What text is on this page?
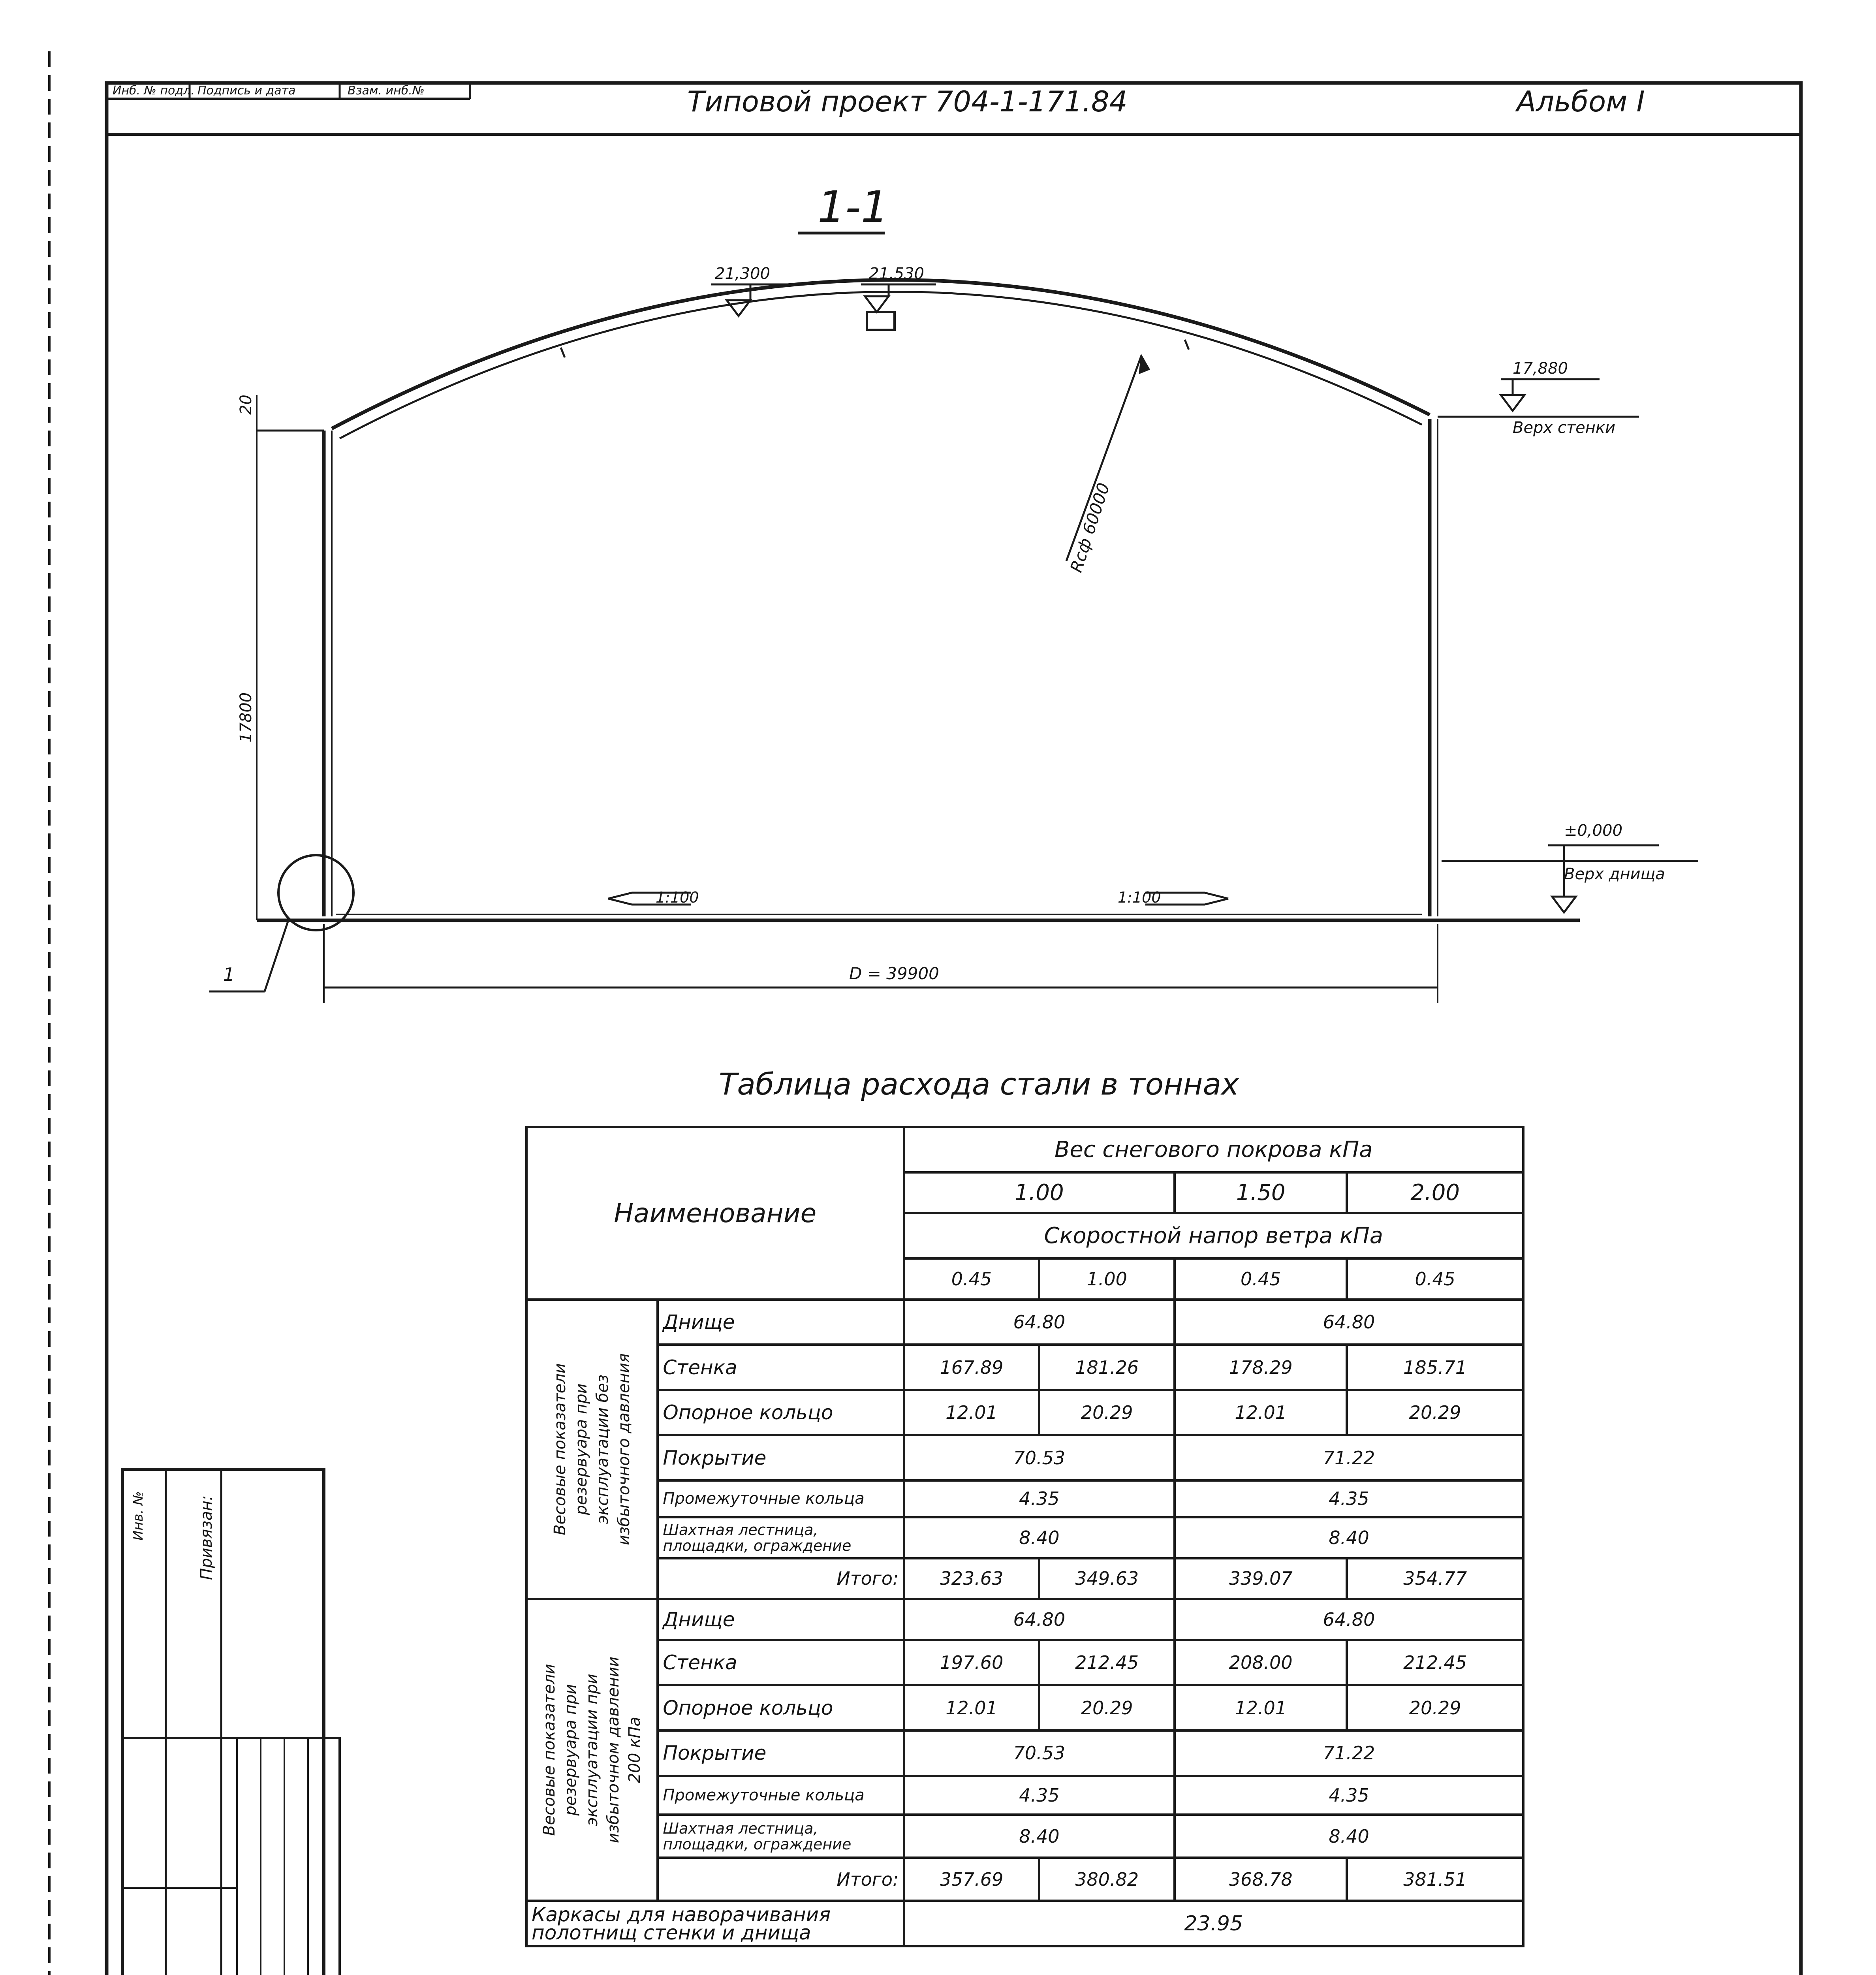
Инб. № подл. Подпись и дата	Взам. инб.№	Типовой проект 704-1-171.84	Альбом I
1-1
21,300	21,530
17,880
Верх стенки
Rсф 60000
17800
20
±0,000
Верх днища
1:100	1:100
D = 39900
1
Таблица расхода стали в тоннах
Наименование		Вес снегового покрова кПа			
		1.00		1.50	2.00
		Скоростной напор ветра кПа			
		0.45	1.00	0.45	0.45

Весовые показатели резервуара при эксплуатации без избыточного давления	Днище	64.80		64.80	
	Стенка	167.89	181.26	178.29	185.71
	Опорное кольцо	12.01	20.29	12.01	20.29
	Покрытие	70.53		71.22	
	Промежуточные кольца	4.35		4.35	
	Шахтная лестница, площадки, ограждение	8.40		8.40	
	Итого:	323.63	349.63	339.07	354.77

Весовые показатели резервуара при эксплуатации при избыточном давлении 200 кПа	Днище	64.80		64.80	
	Стенка	197.60	212.45	208.00	212.45
	Опорное кольцо	12.01	20.29	12.01	20.29
	Покрытие	70.53		71.22	
	Промежуточные кольца	4.35		4.35	
	Шахтная лестница, площадки, ограждение	8.40		8.40	
	Итого:	357.69	380.82	368.78	381.51
Каркасы для наворачивания полотнищ стенки и днища		23.95			
Инв. №	Привязан:
